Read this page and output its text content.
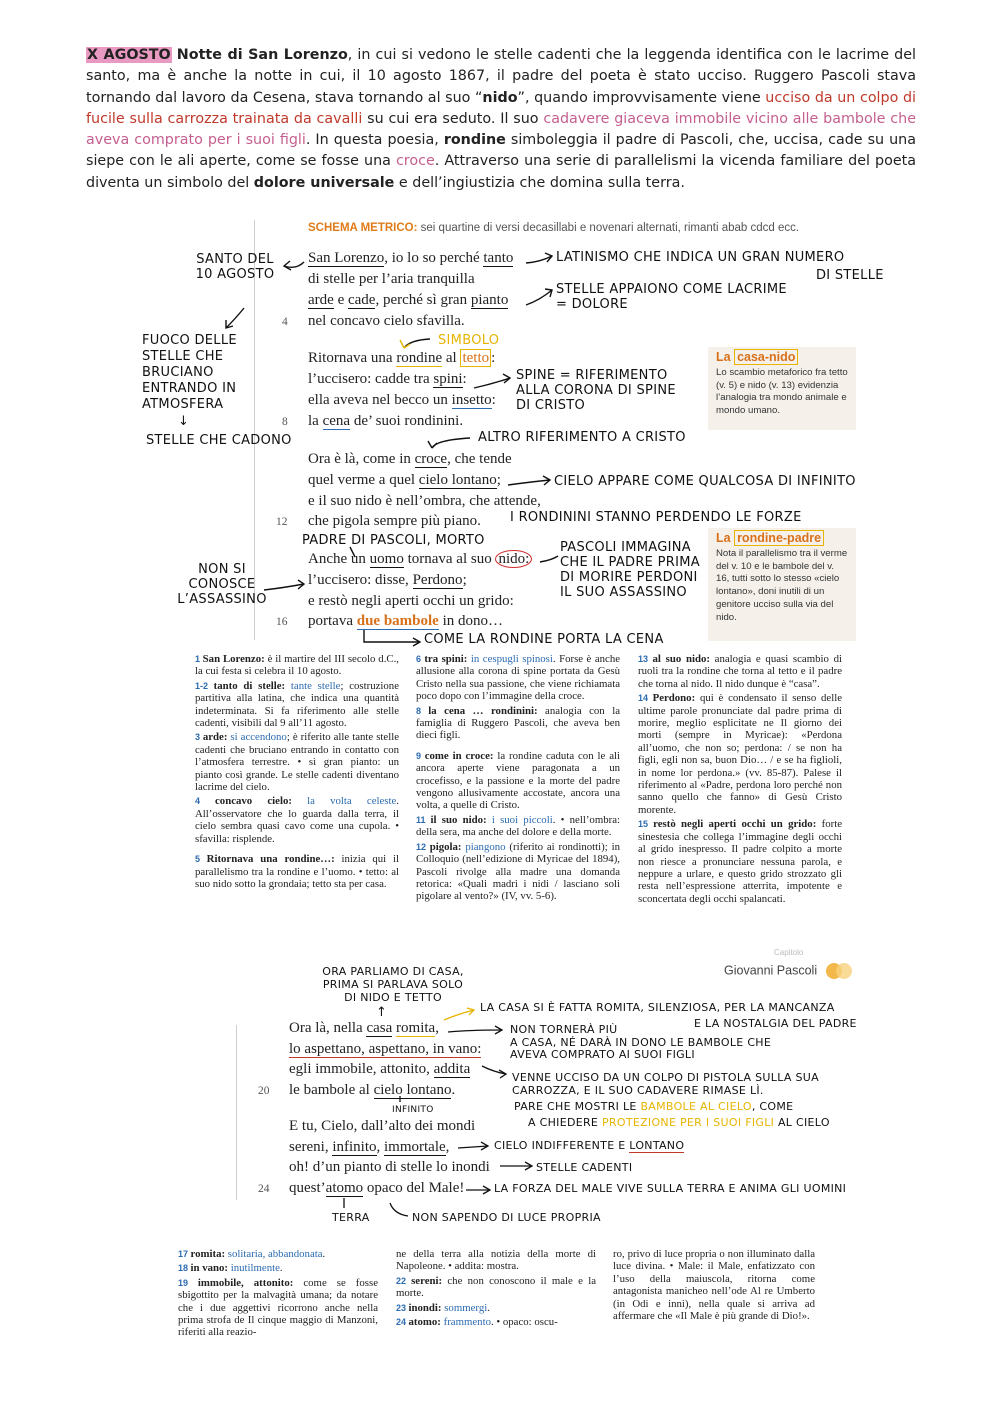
X AGOSTO Notte di San Lorenzo, in cui si vedono le stelle cadenti che la leggenda identifica con le lacrime del santo, ma è anche la notte in cui, il 10 agosto 1867, il padre del poeta è stato ucciso. Ruggero Pascoli stava tornando dal lavoro da Cesena, stava tornando al suo “nido”, quando improvvisamente viene ucciso da un colpo di fucile sulla carrozza trainata da cavalli su cui era seduto. Il suo cadavere giaceva immobile vicino alle bambole che aveva comprato per i suoi figli. In questa poesia, rondine simboleggia il padre di Pascoli, che, uccisa, cade su una siepe con le ali aperte, come se fosse una croce. Attraverso una serie di parallelismi la vicenda familiare del poeta diventa un simbolo del dolore universale e dell’ingiustizia che domina sulla terra.
SCHEMA METRICO: sei quartine di versi decasillabi e novenari alternati, rimanti abab cdcd ecc.
San Lorenzo, io lo so perché tanto
di stelle per l’aria tranquilla
arde e cade, perché sì gran pianto
nel concavo cielo sfavilla.
Ritornava una rondine al tetto :
l’uccisero: cadde tra spini:
ella aveva nel becco un insetto:
la cena de’ suoi rondinini.
Ora è là, come in croce, che tende
quel verme a quel cielo lontano;
e il suo nido è nell’ombra, che attende,
che pigola sempre più piano.
Anche un uomo tornava al suo nido:
l’uccisero: disse, Perdono;
e restò negli aperti occhi un grido:
portava due bambole in dono…
4
8
12
16
La casa-nido
Lo scambio metaforico fra tetto (v. 5) e nido (v. 13) evidenzia l’analogia tra mondo animale e mondo umano.
La rondine-padre
Nota il parallelismo tra il verme del v. 10 e le bambole del v. 16, tutti sotto lo stesso «cielo lontano», doni inutili di un genitore ucciso sulla via del nido.
SANTO DEL
10 AGOSTO
LATINISMO CHE INDICA UN GRAN NUMERO
DI STELLE
STELLE APPAIONO COME LACRIME
= DOLORE
FUOCO DELLE
STELLE CHE
BRUCIANO
ENTRANDO IN
ATMOSFERA
↓
STELLE CHE CADONO
SIMBOLO
SPINE = RIFERIMENTO
ALLA CORONA DI SPINE
DI CRISTO
ALTRO RIFERIMENTO A CRISTO
CIELO APPARE COME QUALCOSA DI INFINITO
I RONDININI STANNO PERDENDO LE FORZE
PADRE DI PASCOLI, MORTO
NON SI
CONOSCE
L’ASSASSINO
PASCOLI IMMAGINA
CHE IL PADRE PRIMA
DI MORIRE PERDONI
IL SUO ASSASSINO
COME LA RONDINE PORTA LA CENA

1 San Lorenzo: è il martire del III secolo d.C., la cui festa si celebra il 10 agosto.

1-2 tanto di stelle: tante stelle; costruzione partitiva alla latina, che indica una quantità indeterminata. Si fa riferimento alle stelle cadenti, visibili dal 9 all’11 agosto.

3 arde: si accendono; è riferito alle tante stelle cadenti che bruciano entrando in contatto con l’atmosfera terrestre. • sì gran pianto: un pianto così grande. Le stelle cadenti diventano lacrime del cielo.

4 concavo cielo: la volta celeste. All’osservatore che lo guarda dalla terra, il cielo sembra quasi cavo come una cupola. • sfavilla: risplende.

5 Ritornava una rondine…: inizia qui il parallelismo tra la rondine e l’uomo. • tetto: al suo nido sotto la grondaia; tetto sta per casa.

6 tra spini: in cespugli spinosi. Forse è anche allusione alla corona di spine portata da Gesù Cristo nella sua passione, che viene richiamata poco dopo con l’immagine della croce.

8 la cena … rondinini: analogia con la famiglia di Ruggero Pascoli, che aveva ben dieci figli.

9 come in croce: la rondine caduta con le ali ancora aperte viene paragonata a un crocefisso, e la passione e la morte del padre vengono allusivamente accostate, ancora una volta, a quelle di Cristo.

11 il suo nido: i suoi piccoli. • nell’ombra: della sera, ma anche del dolore e della morte.

12 pigola: piangono (riferito ai rondinotti); in Colloquio (nell’edizione di Myricae del 1894), Pascoli rivolge alla madre una domanda retorica: «Quali madri i nidi / lasciano soli pigolare al vento?» (IV, vv. 5-6).

13 al suo nido: analogia e quasi scambio di ruoli tra la rondine che torna al tetto e il padre che torna al nido. Il nido dunque è “casa”.

14 Perdono: qui è condensato il senso delle ultime parole pronunciate dal padre prima di morire, meglio esplicitate ne Il giorno dei morti (sempre in Myricae): «Perdona all’uomo, che non so; perdona: / se non ha figli, egli non sa, buon Dio… / e se ha figlioli, in nome lor perdona.» (vv. 85-87). Palese il riferimento al «Padre, perdona loro perché non sanno quello che fanno» di Gesù Cristo morente.

15 restò negli aperti occhi un grido: forte sinestesia che collega l’immagine degli occhi al grido inespresso. Il padre colpito a morte non riesce a pronunciare nessuna parola, e neppure a urlare, e questo grido strozzato gli resta nell’espressione atterrita, impotente e sconcertata degli occhi spalancati.

Capitolo
Giovanni Pascoli
Ora là, nella casa romita,
lo aspettano, aspettano, in vano:
egli immobile, attonito, addita
le bambole al cielo lontano.
E tu, Cielo, dall’alto dei mondi
sereni, infinito, immortale,
oh! d’un pianto di stelle lo inondi
quest’atomo opaco del Male!
20
24
ORA PARLIAMO DI CASA,
PRIMA SI PARLAVA SOLO
DI NIDO E TETTO
↑	LA CASA SI È FATTA ROMITA, SILENZIOSA, PER LA MANCANZA
E LA NOSTALGIA DEL PADRE
NON TORNERÀ PIÙ
A CASA, NÉ DARÀ IN DONO LE BAMBOLE CHE
AVEVA COMPRATO AI SUOI FIGLI
VENNE UCCISO DA UN COLPO DI PISTOLA SULLA SUA
CARROZZA, E IL SUO CADAVERE RIMASE LÌ.
PARE CHE MOSTRI LE BAMBOLE AL CIELO, COME
A CHIEDERE PROTEZIONE PER I SUOI FIGLI AL CIELO
INFINITO
CIELO INDIFFERENTE E LONTANO
STELLE CADENTI
LA FORZA DEL MALE VIVE SULLA TERRA E ANIMA GLI UOMINI
TERRA	NON SAPENDO DI LUCE PROPRIA

17 romita: solitaria, abbandonata.

18 in vano: inutilmente.

19 immobile, attonito: come se fosse sbigottito per la malvagità umana; da notare che i due aggettivi ricorrono anche nella prima strofa de Il cinque maggio di Manzoni, riferiti alla reazio-

ne della terra alla notizia della morte di Napoleone. • addita: mostra.

22 sereni: che non conoscono il male e la morte.

23 inondi: sommergi.

24 atomo: frammento. • opaco: oscu-

ro, privo di luce propria o non illuminato dalla luce divina. • Male: il Male, enfatizzato con l’uso della maiuscola, ritorna come antagonista manicheo nell’ode Al re Umberto (in Odi e inni), nella quale si arriva ad affermare che «Il Male è più grande di Dio!».
